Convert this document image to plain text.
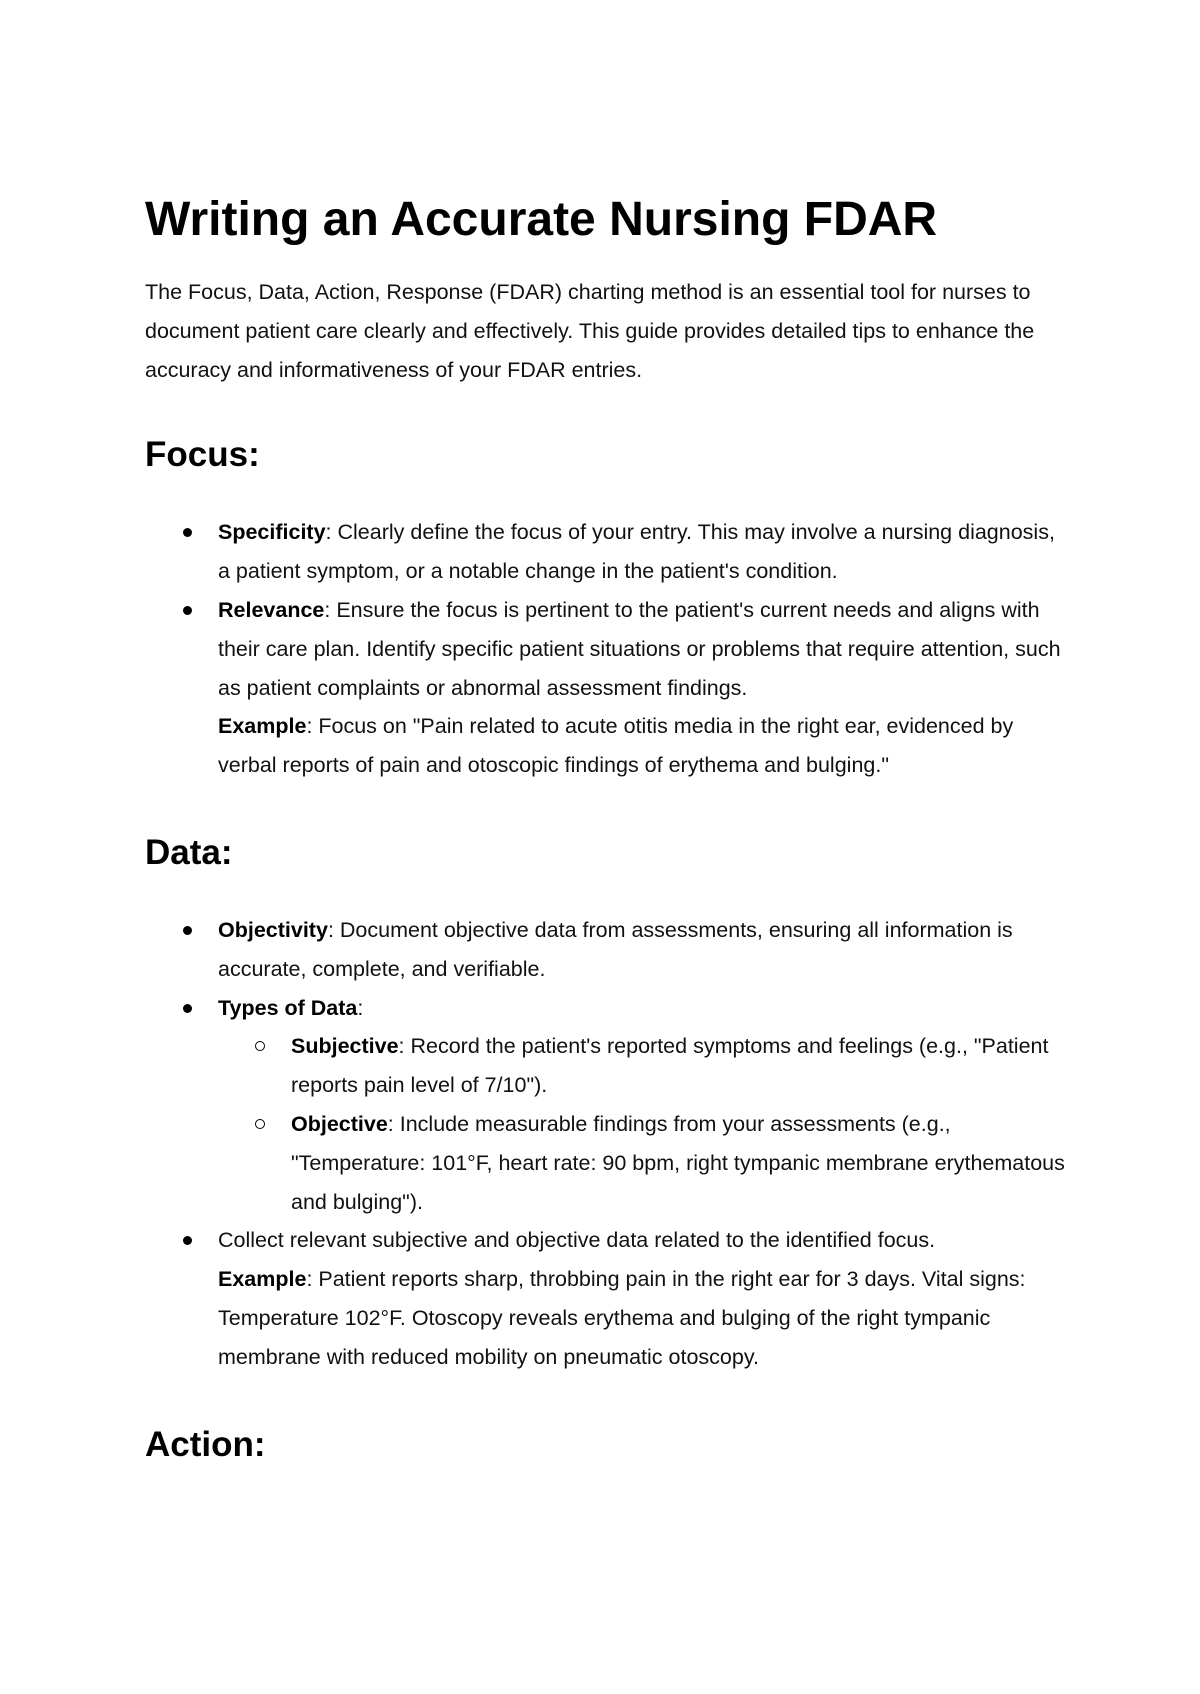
Writing an Accurate Nursing FDAR

The Focus, Data, Action, Response (FDAR) charting method is an essential tool for nurses to document patient care clearly and effectively. This guide provides detailed tips to enhance the accuracy and informativeness of your FDAR entries.

Focus:
Specificity: Clearly define the focus of your entry. This may involve a nursing diagnosis, a patient symptom, or a notable change in the patient's condition.
Relevance: Ensure the focus is pertinent to the patient's current needs and aligns with their care plan. Identify specific patient situations or problems that require attention, such as patient complaints or abnormal assessment findings.
Example: Focus on "Pain related to acute otitis media in the right ear, evidenced by verbal reports of pain and otoscopic findings of erythema and bulging."
Data:
Objectivity: Document objective data from assessments, ensuring all information is accurate, complete, and verifiable.
Types of Data:
Subjective: Record the patient's reported symptoms and feelings (e.g., "Patient reports pain level of 7/10").
Objective: Include measurable findings from your assessments (e.g., "Temperature: 101°F, heart rate: 90 bpm, right tympanic membrane erythematous and bulging").
Collect relevant subjective and objective data related to the identified focus.
Example: Patient reports sharp, throbbing pain in the right ear for 3 days. Vital signs: Temperature 102°F. Otoscopy reveals erythema and bulging of the right tympanic membrane with reduced mobility on pneumatic otoscopy.
Action:
